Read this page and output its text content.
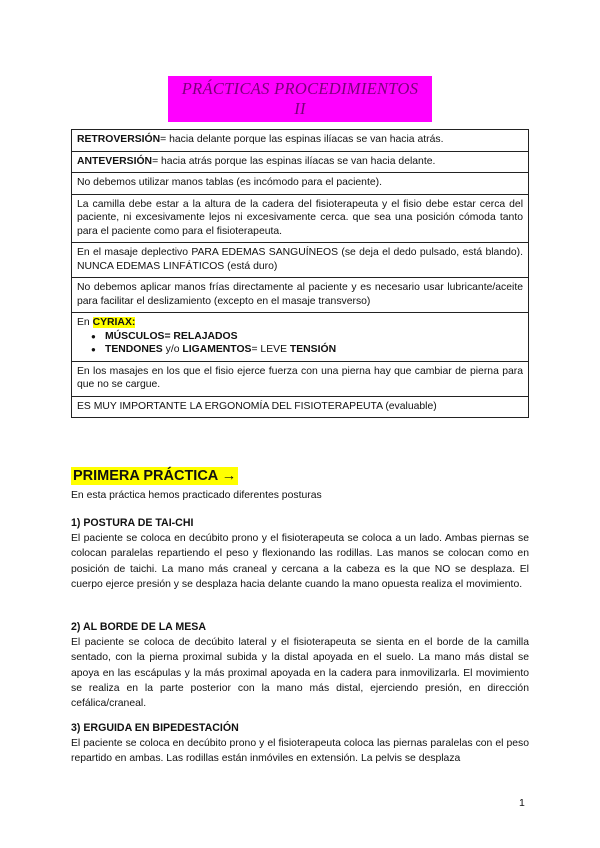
PRÁCTICAS PROCEDIMIENTOS II
RETROVERSIÓN= hacia delante porque las espinas ilíacas se van hacia atrás.
ANTEVERSIÓN= hacia atrás porque las espinas ilíacas se van hacia delante.
No debemos utilizar manos tablas (es incómodo para el paciente).
La camilla debe estar a la altura de la cadera del fisioterapeuta y el fisio debe estar cerca del paciente, ni excesivamente lejos ni excesivamente cerca. que sea una posición cómoda tanto para el paciente como para el fisioterapeuta.
En el masaje deplectivo PARA EDEMAS SANGUÍNEOS (se deja el dedo pulsado, está blando). NUNCA EDEMAS LINFÁTICOS (está duro)
No debemos aplicar manos frías directamente al paciente y es necesario usar lubricante/aceite para facilitar el deslizamiento (excepto en el masaje transverso)
En CYRIAX:
● MÚSCULOS= RELAJADOS
● TENDONES y/o LIGAMENTOS= LEVE TENSIÓN

En los masajes en los que el fisio ejerce fuerza con una pierna hay que cambiar de pierna para que no se cargue.
ES MUY IMPORTANTE LA ERGONOMÍA DEL FISIOTERAPEUTA (evaluable)
PRIMERA PRÁCTICA →
En esta práctica hemos practicado diferentes posturas
1) POSTURA DE TAI-CHI
El paciente se coloca en decúbito prono y el fisioterapeuta se coloca a un lado. Ambas piernas se colocan paralelas repartiendo el peso y flexionando las rodillas. Las manos se colocan como en posición de taichi. La mano más craneal y cercana a la cabeza es la que NO se desplaza. El cuerpo ejerce presión y se desplaza hacia delante cuando la mano opuesta realiza el movimiento.
2) AL BORDE DE LA MESA
El paciente se coloca de decúbito lateral y el fisioterapeuta se sienta en el borde de la camilla sentado, con la pierna proximal subida y la distal apoyada en el suelo. La mano más distal se apoya en las escápulas y la más proximal apoyada en la cadera para inmovilizarla. El movimiento se realiza en la parte posterior con la mano más distal, ejerciendo presión, en dirección cefálica/craneal.
3) ERGUIDA EN BIPEDESTACIÓN
El paciente se coloca en decúbito prono y el fisioterapeuta coloca las piernas paralelas con el peso repartido en ambas. Las rodillas están inmóviles en extensión. La pelvis se desplaza
1
